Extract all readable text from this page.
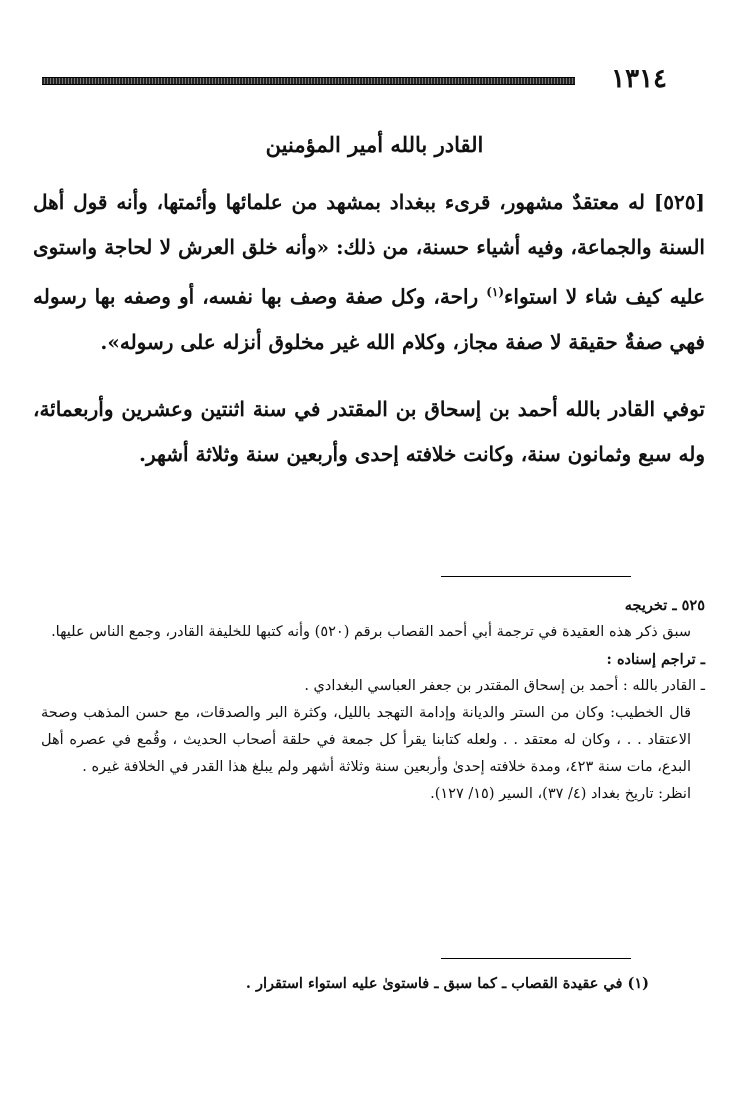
١٣١٤
القادر بالله أمير المؤمنين

[٥٢٥] له معتقدٌ مشهور، قرىء ببغداد بمشهد من علمائها وأئمتها، وأنه قول أهل السنة والجماعة، وفيه أشياء حسنة، من ذلك: «وأنه خلق العرش لا لحاجة واستوى عليه كيف شاء لا استواء$^{(١)}$ راحة، وكل صفة وصف بها نفسه، أو وصفه بها رسوله فهي صفةٌ حقيقة لا صفة مجاز، وكلام الله غير مخلوق أنزله على رسوله».

توفي القادر بالله أحمد بن إسحاق بن المقتدر في سنة اثنتين وعشرين وأربعمائة، وله سبع وثمانون سنة، وكانت خلافته إحدى وأربعين سنة وثلاثة أشهر.

٥٢٥ ـ تخريجه

سبق ذكر هذه العقيدة في ترجمة أبي أحمد القصاب برقم (٥٢٠) وأنه كتبها للخليفة القادر، وجمع الناس عليها.

ـ تراجم إسناده :

ـ القادر بالله : أحمد بن إسحاق المقتدر بن جعفر العباسي البغدادي .

قال الخطيب: وكان من الستر والديانة وإدامة التهجد بالليل، وكثرة البر والصدقات، مع حسن المذهب وصحة الاعتقاد . . ، وكان له معتقد . . ولعله كتابنا يقرأ كل جمعة في حلقة أصحاب الحديث ، وقُمع في عصره أهل البدع، مات سنة ٤٢٣، ومدة خلافته إحدىٰ وأربعين سنة وثلاثة أشهر ولم يبلغ هذا القدر في الخلافة غيره .

انظر: تاريخ بغداد (٤/ ٣٧)، السير (١٥/ ١٢٧).

(١) في عقيدة القصاب ـ كما سبق ـ فاستوىٰ عليه استواء استقرار .
